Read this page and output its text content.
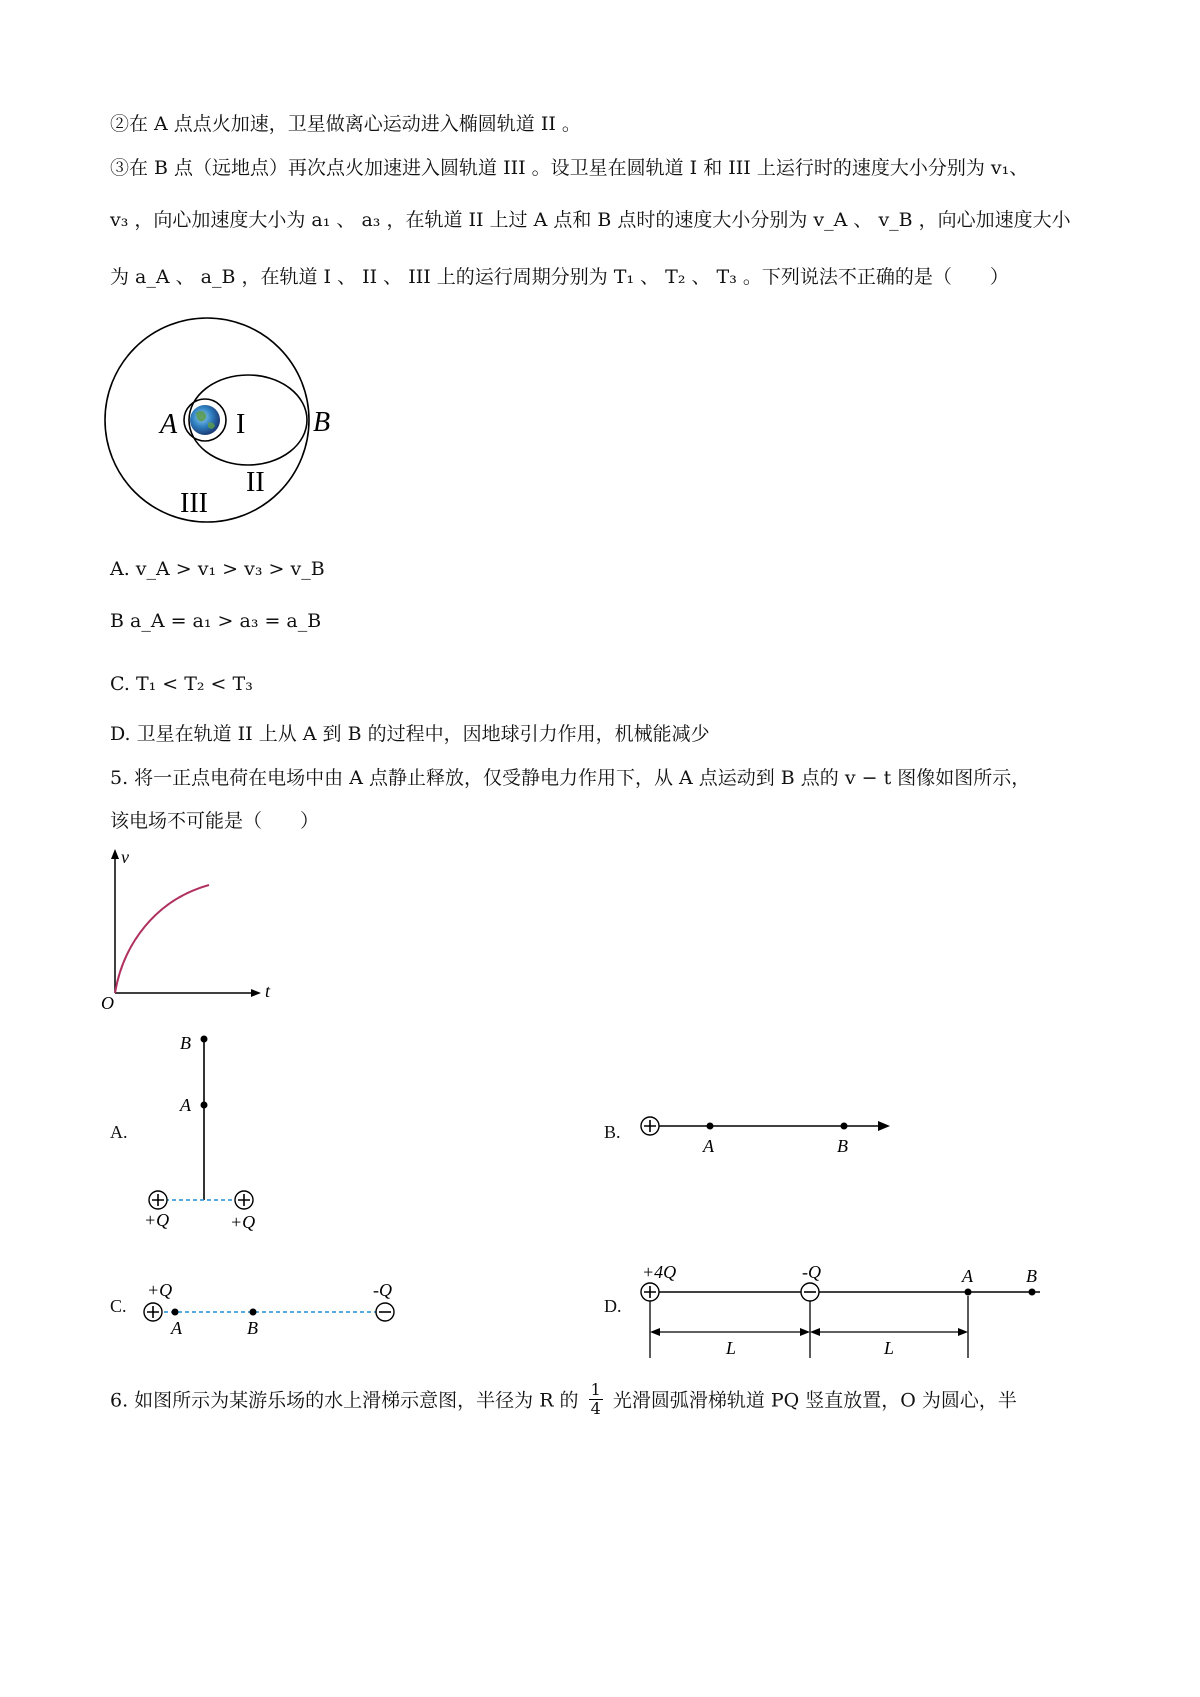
②在 A 点点火加速，卫星做离心运动进入椭圆轨道 II 。
③在 B 点（远地点）再次点火加速进入圆轨道 III 。设卫星在圆轨道 I 和 III 上运行时的速度大小分别为 v₁、
v₃ ，向心加速度大小为 a₁ 、 a₃ ，在轨道 II 上过 A 点和 B 点时的速度大小分别为 v_A 、 v_B ，向心加速度大小
为 a_A 、 a_B ，在轨道 I 、 II 、 III 上的运行周期分别为 T₁ 、 T₂ 、 T₃ 。下列说法不正确的是（　　）
A I B
II
III
A. v_A > v₁ > v₃ > v_B
B a_A = a₁ > a₃ = a_B
C. T₁ < T₂ < T₃
D. 卫星在轨道 II 上从 A 到 B 的过程中，因地球引力作用，机械能减少
5. 将一正点电荷在电场中由 A 点静止释放，仅受静电力作用下，从 A 点运动到 B 点的 v − t 图像如图所示，
该电场不可能是（　　）
v
t
O
A.	B.
C.	D.
B
A
+Q	+Q
A	B
+Q	-Q
A	B
+4Q	-Q	A	B
L	L
6. 如图所示为某游乐场的水上滑梯示意图，半径为 R 的 $\frac{1}{4}$ 光滑圆弧滑梯轨道 PQ 竖直放置，O 为圆心，半
